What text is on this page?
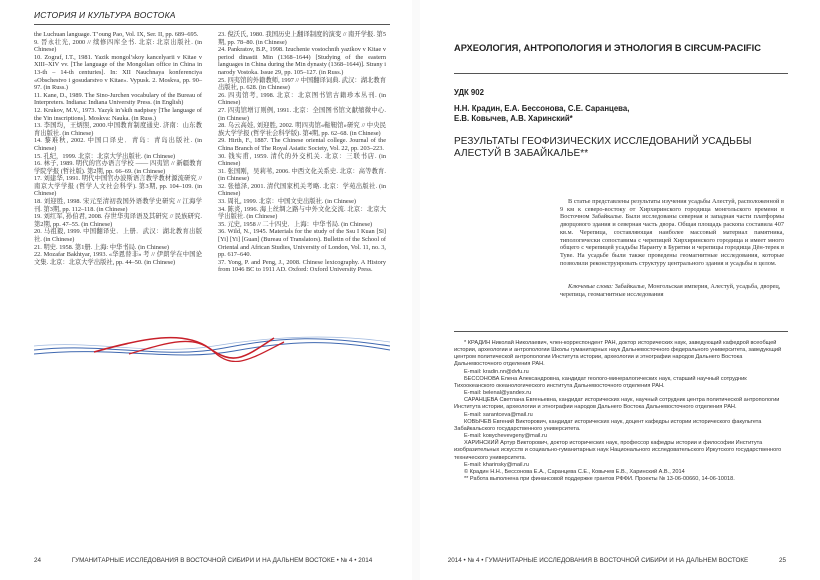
ИСТОРИЯ И КУЛЬТУРА ВОСТОКА

the Luchuan language. T’oung Pao, Vol. IX, Ser. II, pp. 689–695.

9. 晉永壮光, 2000 // 续修四库全书. 北京: 北京出版社. (in Chinese)

10. Zograf, I.T., 1981. Yazik mongol’skoy kancelyarii v Kitae v XIII–XIV vv. [The language of the Mongolian office in China in 13-th – 14-th centuries]. In: XII Nauchnaya konferenciya «Obschestvo i gosudarstvo v Kitae». Vypusk. 2. Moskva, pp. 90–97. (in Russ.)

11. Kane, D., 1989. The Sino-Jurchen vocabulary of the Bureau of Interpreters. Indiana: Indiana University Press. (in English)

12. Krukov, M.V., 1973. Yazyk in’skih nadpisey [The language of the Yin inscriptions]. Moskva: Nauka. (in Russ.)

13. 李国均，王炳照, 2000.中国教育制度通史. 济南：山东教育出版社. (in Chinese)

14. 黎难秋, 2002. 中国口译史．青岛：青岛出版社. (in Chinese)

15. 孔纪，1999. 北京：北京大学出版社. (in Chinese)

16. 林子, 1989. 明代的官办语言学校 —— 四夷馆 // 新疆教育学院学报 (哲社版). 第2期, pp. 66–69. (in Chinese)

17. 刘建华, 1991. 明代中国官办波斯语言教学教材源流研究 // 南京大学学报 (哲学人文社会科学). 第3期, pp. 104–109. (in Chinese)

18. 刘迎胜, 1998. 宋元至清初我国外语教学史研究 // 江海学刊. 第3期, pp. 112–118. (in Chinese)

19. 刘红军, 孙伯君, 2008. 存世华夷译语及其研究 // 民族研究. 第2期, pp. 47–55. (in Chinese)

20. 马祖毅, 1999. 中国翻译史．上册．武汉：湖北教育出版社. (in Chinese)

21. 明史. 1958. 第1册. 上海: 中华书局. (in Chinese)

22. Mozafar Bakhtyar, 1993. «华恩替非» 考 // 伊朗学在中国论文集. 北京：北京大学出版社, pp. 44–50. (in Chinese)

23. 倪沃氏, 1980. 我国历史上翻译制度的演变 // 南开学报. 第5期, pp. 78–80. (in Chinese)

24. Pankratov, B.P., 1998. Izuchenie vostochnih yazikov v Kitae v period dinastii Min (1368–1644) [Studying of the eastern languages in China during the Min dynasty (1368–1644)]. Strany i narody Vostoka. Issue 29, pp. 105–127. (in Russ.)

25. 四夷馆的外籍教师, 1997 // 中国翻译词典. 武汉：湖北教育出版社, p. 628. (in Chinese)

26. 四夷馆考, 1998. 北京：北京图书馆古籍珍本丛刊. (in Chinese)

27. 四夷馆增订则例, 1991. 北京：全国图书馆文献缩微中心. (in Chinese)

28. 乌云高娃, 刘迎胜, 2002. 明四夷馆«鞑靼馆»研究 // 中央民族大学学报 (哲学社会科学版). 第4期, pp. 62–68. (in Chinese)

29. Hirth, F., 1887. The Chinese oriental college. Journal of the China Branch of The Royal Asiatic Society, Vol. 22, pp. 203–223.

30. 钱实甫, 1959. 清代的外交机关. 北京：三联书店. (in Chinese)

31. 张国刚，吴莉苇, 2006. 中西文化关系史. 北京：高等教育. (in Chinese)

32. 张德泽, 2001. 清代国家机关考略. 北京：学苑出版社. (in Chinese)

33. 周礼, 1999. 北京：中国文史出版社. (in Chinese)

34. 陈炎, 1996. 海上丝绸之路与中外文化交流. 北京：北京大学出版社. (in Chinese)

35. 元史, 1958 // 二十四史．上海：中华书局. (in Chinese)

36. Wild, N., 1945. Materials for the study of the Ssu I Kuan [Si] [Yi] [Yi] [Guan] (Bureau of Translators). Bulletin of the School of Oriental and African Studies, University of London, Vol. 11, no. 3, pp. 617–640.

37. Yong, P. and Peng, J., 2008. Chinese lexicography. A History from 1046 BC to 1911 AD. Oxford: Oxford University Press.

24	ГУМАНИТАРНЫЕ ИССЛЕДОВАНИЯ В ВОСТОЧНОЙ СИБИРИ И НА ДАЛЬНЕМ ВОСТОКЕ • № 4 • 2014
АРХЕОЛОГИЯ, АНТРОПОЛОГИЯ И ЭТНОЛОГИЯ В CIRCUM-PACIFIC
УДК 902
Н.Н. Крадин, Е.А. Бессонова, С.Е. Саранцева,
Е.В. Ковычев, А.В. Харинский*
РЕЗУЛЬТАТЫ ГЕОФИЗИЧЕСКИХ ИССЛЕДОВАНИЙ УСАДЬБЫ АЛЕСТУЙ В ЗАБАЙКАЛЬЕ**

В статье представлены результаты изучения усадьбы Алестуй, расположенной в 9 км к северо-востоку от Хирхиринского городища монгольского времени в Восточном Забайкалье. Были исследованы северная и западная части платформы дворцового здания и северная часть двора. Общая площадь раскопа составила 407 кв.м. Черепица, составляющая наиболее массовый материал памятника, типологически сопоставима с черепицей Хирхиринского городища и имеет много общего с черепицей усадьбы Наранту в Бурятии и черепицы городища Дён-терек в Туве. На усадьбе были также проведены геомагнитные исследования, которые позволили реконструировать структуру центрального здания и усадьбы в целом.

Ключевые слова: Забайкалье, Монгольская империя, Алестуй, усадьба, дворец, черепица, геомагнитные исследования

* КРАДИН Николай Николаевич, член-корреспондент РАН, доктор исторических наук, заведующий кафедрой всеобщей истории, археологии и антропологии Школы гуманитарных наук Дальневосточного федерального университета, заведующий центром политической антропологии Института истории, археологии и этнографии народов Дальнего Востока Дальневосточного отделения РАН.

E-mail: kradin.nn@dvfu.ru

БЕССОНОВА Елена Александровна, кандидат геолого-минералогических наук, старший научный сотрудник Тихоокеанского океанологического института Дальневосточного отделения РАН.

E-mail: belenal@yandex.ru

САРАНЦЕВА Светлана Евгеньевна, кандидат исторических наук, научный сотрудник центра политической антропологии Института истории, археологии и этнографии народов Дальнего Востока Дальневосточного отделения РАН.

E-mail: sarantceva@mail.ru

КОВЫЧЕВ Евгений Викторович, кандидат исторических наук, доцент кафедры истории исторического факультета Забайкальского государственного университета.

E-mail: koвychevevgeny@mail.ru

ХАРИНСКИЙ Артур Викторович, доктор исторических наук, профессор кафедры истории и философии Института изобразительных искусств и социально-гуманитарных наук Национального исследовательского Иркутского государственного технического университета.

E-mail: kharinsky@mail.ru

© Крадин Н.Н., Бессонова Е.А., Саранцева С.Е., Ковычев Е.В., Харинский А.В., 2014

** Работа выполнена при финансовой поддержке грантов РФФИ. Проекты № 13-06-00660, 14-06-10018.

2014 • № 4 • ГУМАНИТАРНЫЕ ИССЛЕДОВАНИЯ В ВОСТОЧНОЙ СИБИРИ И НА ДАЛЬНЕМ ВОСТОКЕ	25
